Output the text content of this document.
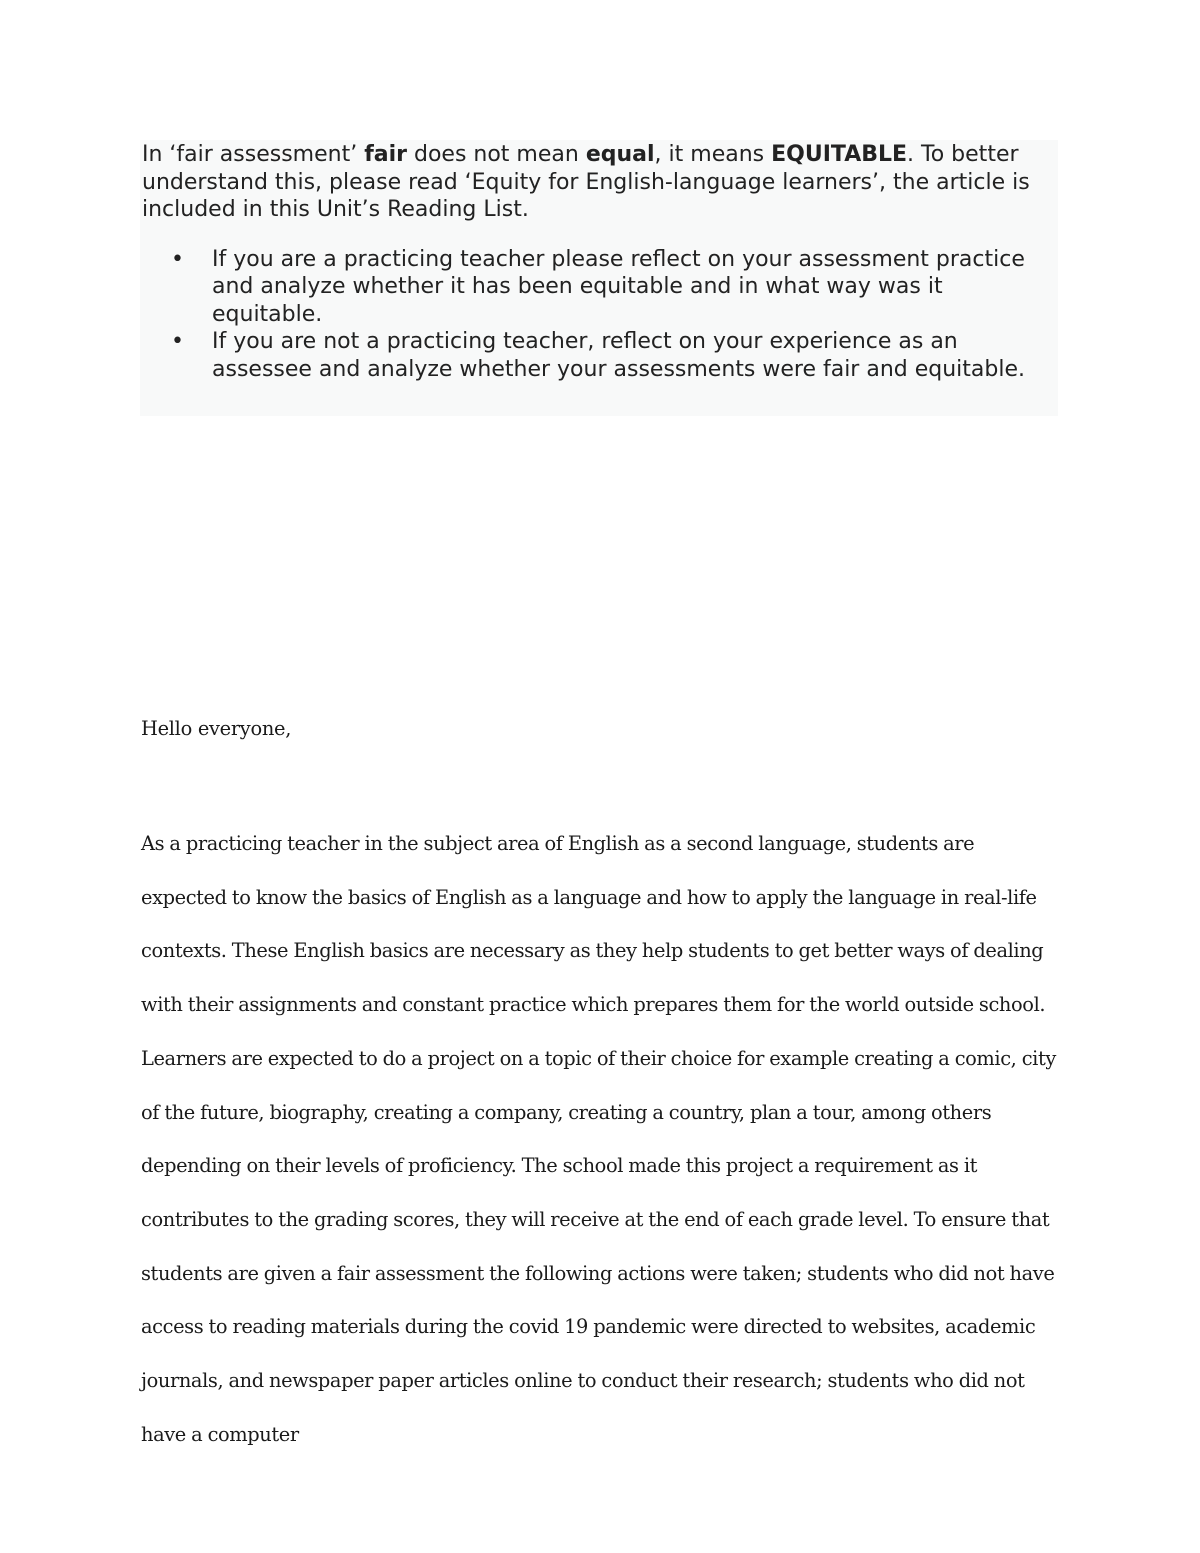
In ‘fair assessment’ fair does not mean equal, it means EQUITABLE. To better understand this, please read ‘Equity for English-language learners’, the article is included in this Unit’s Reading List.

• If you are a practicing teacher please reflect on your assessment practice and analyze whether it has been equitable and in what way was it equitable.
• If you are not a practicing teacher, reflect on your experience as an assessee and analyze whether your assessments were fair and equitable.

Hello everyone,

As a practicing teacher in the subject area of English as a second language, students are expected to know the basics of English as a language and how to apply the language in real-life contexts. These English basics are necessary as they help students to get better ways of dealing with their assignments and constant practice which prepares them for the world outside school. Learners are expected to do a project on a topic of their choice for example creating a comic, city of the future, biography, creating a company, creating a country, plan a tour, among others depending on their levels of proficiency. The school made this project a requirement as it contributes to the grading scores, they will receive at the end of each grade level. To ensure that students are given a fair assessment the following actions were taken; students who did not have access to reading materials during the covid 19 pandemic were directed to websites, academic journals, and newspaper paper articles online to conduct their research; students who did not have a computer
